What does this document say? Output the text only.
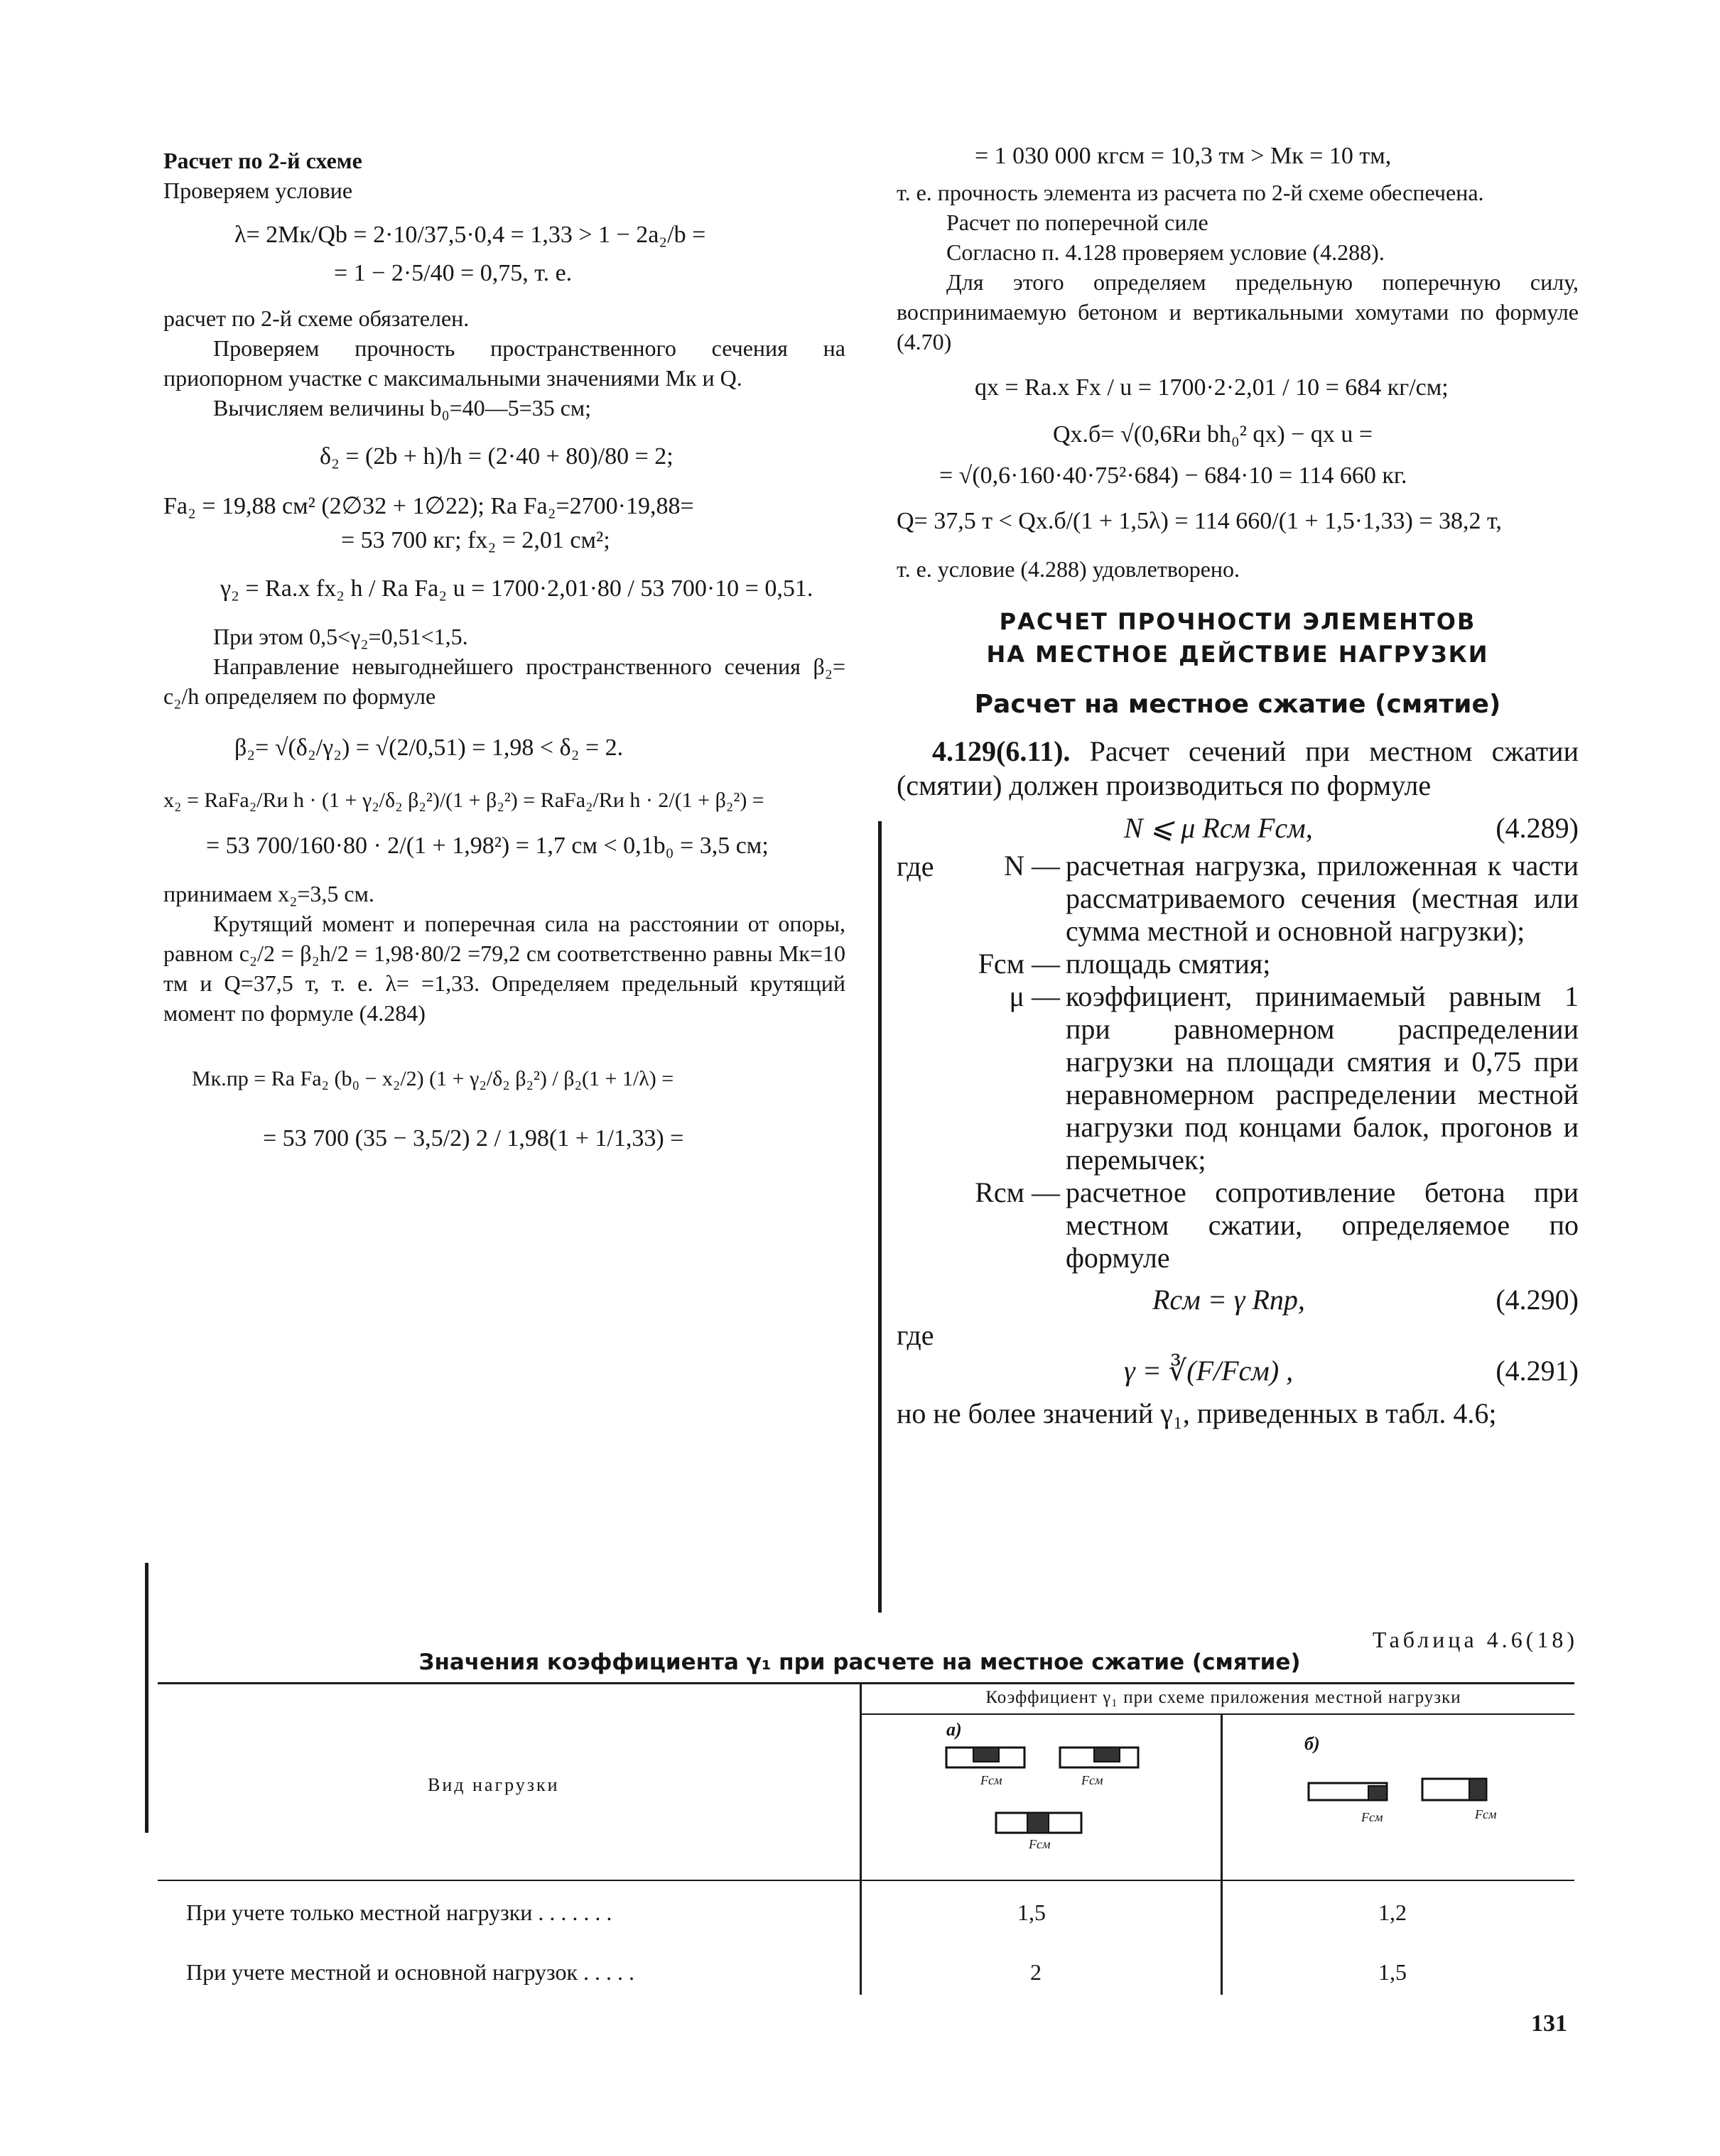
Расчет по 2-й схеме

Проверяем условие

λ= 2Mк/Qb = 2·10/37,5·0,4 = 1,33 > 1 − 2a₂/b =

= 1 − 2·5/40 = 0,75, т. е.

расчет по 2-й схеме обязателен.

Проверяем прочность пространственного сечения на приопорном участке с максимальными значениями Mк и Q.

Вычисляем величины b₀=40—5=35 см;

δ₂ = (2b + h)/h = (2·40 + 80)/80 = 2;

Fa₂ = 19,88 см² (2∅32 + 1∅22); Ra Fa₂=2700·19,88=

= 53 700 кг; fx₂ = 2,01 см²;

γ₂ = Ra.x fx₂ h / Ra Fa₂ u = 1700·2,01·80 / 53 700·10 = 0,51.

При этом 0,5<γ₂=0,51<1,5.

Направление невыгоднейшего пространственного сечения β₂= c₂/h определяем по формуле

β₂= √(δ₂/γ₂) = √(2/0,51) = 1,98 < δ₂ = 2.

x₂ = RaFa₂/Rи h · (1 + γ₂/δ₂ β₂²)/(1 + β₂²) = RaFa₂/Rи h · 2/(1 + β₂²) =

= 53 700/160·80 · 2/(1 + 1,98²) = 1,7 см < 0,1b₀ = 3,5 см;

принимаем x₂=3,5 см.

Крутящий момент и поперечная сила на расстоянии от опоры, равном c₂/2 = β₂h/2 = 1,98·80/2 =79,2 см соответственно равны Mк=10 тм и Q=37,5 т, т. е. λ= =1,33. Определяем предельный крутящий момент по формуле (4.284)

Mк.пр = Ra Fa₂ (b₀ − x₂/2) (1 + γ₂/δ₂ β₂²) / β₂(1 + 1/λ) =

= 53 700 (35 − 3,5/2) 2 / 1,98(1 + 1/1,33) =

= 1 030 000 кгсм = 10,3 тм > Mк = 10 тм,

т. е. прочность элемента из расчета по 2-й схеме обеспечена.

Расчет по поперечной силе

Согласно п. 4.128 проверяем условие (4.288).

Для этого определяем предельную поперечную силу, воспринимаемую бетоном и вертикальными хомутами по формуле (4.70)

qx = Ra.x Fx / u = 1700·2·2,01 / 10 = 684 кг/см;

Qx.б= √(0,6Rи bh₀² qx) − qx u =

= √(0,6·160·40·75²·684) − 684·10 = 114 660 кг.

Q= 37,5 т < Qx.б/(1 + 1,5λ) = 114 660/(1 + 1,5·1,33) = 38,2 т,

т. е. условие (4.288) удовлетворено.

РАСЧЕТ ПРОЧНОСТИ ЭЛЕМЕНТОВ

НА МЕСТНОЕ ДЕЙСТВИЕ НАГРУЗКИ

Расчет на местное сжатие (смятие)

4.129(6.11). Расчет сечений при местном сжатии (смятии) должен производиться по формуле

N ⩽ μ Rсм Fсм,	(4.289)

где	N — расчетная нагрузка, приложенная к части рассматриваемого сечения (местная или сумма местной и основной нагрузки);
Fсм — площадь смятия;
μ — коэффициент, принимаемый равным 1 при равномерном распределении нагрузки на площади смятия и 0,75 при неравномерном распределении местной нагрузки под концами балок, прогонов и перемычек;
Rсм — расчетное сопротивление бетона при местном сжатии, определяемое по формуле
Rсм = γ Rпр,	(4.290)

где

γ = ∛(F/Fсм) ,	(4.291)

но не более значений γ₁, приведенных в табл. 4.6;

Таблица 4.6(18)
Значения коэффициента γ₁ при расчете на местное сжатие (смятие)
Вид нагрузки
Коэффициент γ₁ при схеме приложения местной нагрузки
а)
Fсм	Fсм
Fсм
б)
Fсм	Fсм
При учете только местной нагрузки . . . . . . .	1,5	1,2
При учете местной и основной нагрузок . . . . .	2	1,5
131
